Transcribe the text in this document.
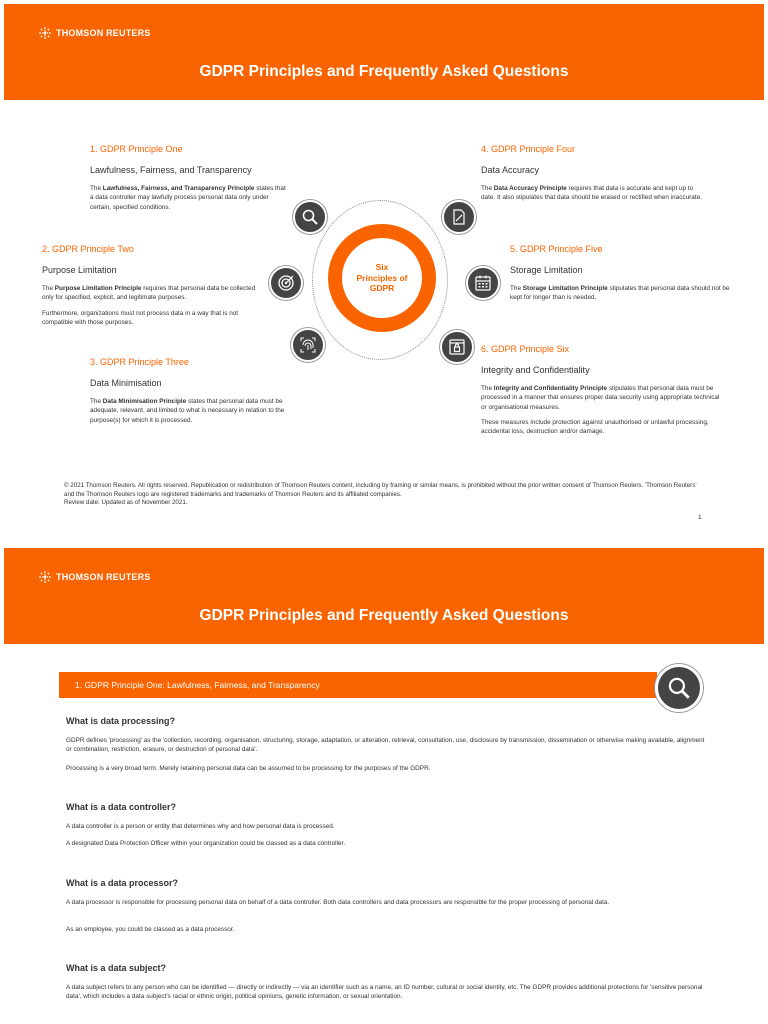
THOMSON REUTERS
GDPR Principles and Frequently Asked Questions
1. GDPR Principle One
Lawfulness, Fairness, and Transparency
The Lawfulness, Fairness, and Transparency Principle states that a data controller may lawfully process personal data only under certain, specified conditions.
2. GDPR Principle Two
Purpose Limitation
The Purpose Limitation Principle requires that personal data be collected only for specified, explicit, and legitimate purposes.
Furthermore, organizations must not process data in a way that is not compatible with those purposes.
3. GDPR Principle Three
Data Minimisation
The Data Minimisation Principle states that personal data must be adequate, relevant, and limited to what is necessary in relation to the purpose(s) for which it is processed.
4. GDPR Principle Four
Data Accuracy
The Data Accuracy Principle requires that data is accurate and kept up to date. It also stipulates that data should be erased or rectified when inaccurate.
5. GDPR Principle Five
Storage Limitation
The Storage Limitation Principle stipulates that personal data should not be kept for longer than is needed.
6. GDPR Principle Six
Integrity and Confidentiality
The Integrity and Confidentiality Principle stipulates that personal data must be processed in a manner that ensures proper data security using appropriate technical or organisational measures.
These measures include protection against unauthorised or unlawful processing, accidental loss, destruction and/or damage.
Six
Principles of
GDPR
© 2021 Thomson Reuters. All rights reserved. Republication or redistribution of Thomson Reuters content, including by framing or similar means, is prohibited without the prior written consent of Thomson Reuters. 'Thomson Reuters' and the Thomson Reuters logo are registered trademarks and trademarks of Thomson Reuters and its affiliated companies.
Review date: Updated as of November 2021.
1
THOMSON REUTERS
GDPR Principles and Frequently Asked Questions
1. GDPR Principle One: Lawfulness, Fairness, and Transparency
What is data processing?
GDPR defines 'processing' as the 'collection, recording, organisation, structuring, storage, adaptation, or alteration, retrieval, consultation, use, disclosure by transmission, dissemination or otherwise making available, alignment or combination, restriction, erasure, or destruction of personal data'.
Processing is a very broad term. Merely retaining personal data can be assumed to be processing for the purposes of the GDPR.
What is a data controller?
A data controller is a person or entity that determines why and how personal data is processed.
A designated Data Protection Officer within your organization could be classed as a data controller.
What is a data processor?
A data processor is responsible for processing personal data on behalf of a data controller. Both data controllers and data processors are responsible for the proper processing of personal data.
As an employee, you could be classed as a data processor.
What is a data subject?
A data subject refers to any person who can be identified — directly or indirectly — via an identifier such as a name, an ID number, cultural or social identity, etc. The GDPR provides additional protections for 'sensitive personal data', which includes a data subject's racial or ethnic origin, political opinions, genetic information, or sexual orientation.
